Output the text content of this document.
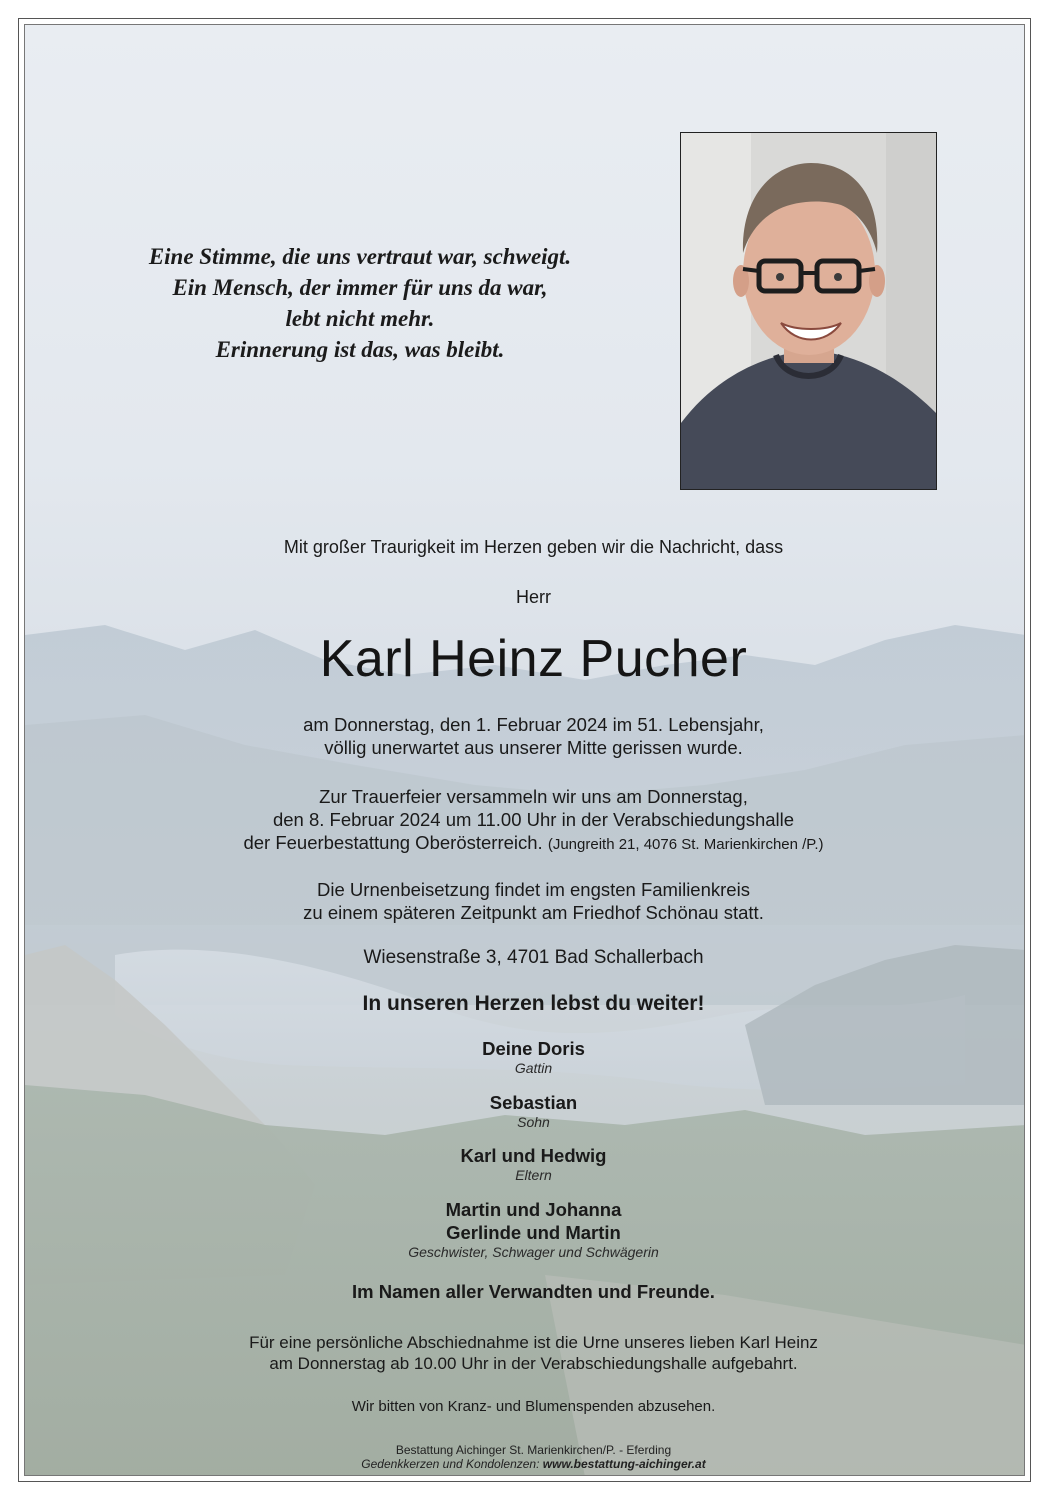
Eine Stimme, die uns vertraut war, schweigt.
Ein Mensch, der immer für uns da war,
lebt nicht mehr.
Erinnerung ist das, was bleibt.
Mit großer Traurigkeit im Herzen geben wir die Nachricht, dass
Herr
Karl Heinz Pucher
am Donnerstag, den 1. Februar 2024 im 51. Lebensjahr,
völlig unerwartet aus unserer Mitte gerissen wurde.
Zur Trauerfeier versammeln wir uns am Donnerstag,
den 8. Februar 2024 um 11.00 Uhr in der Verabschiedungshalle
der Feuerbestattung Oberösterreich. (Jungreith 21, 4076 St. Marienkirchen /P.)
Die Urnenbeisetzung findet im engsten Familienkreis
zu einem späteren Zeitpunkt am Friedhof Schönau statt.
Wiesenstraße 3, 4701 Bad Schallerbach
In unseren Herzen lebst du weiter!
Deine Doris
Gattin
Sebastian
Sohn
Karl und Hedwig
Eltern
Martin und Johanna
Gerlinde und Martin
Geschwister, Schwager und Schwägerin
Im Namen aller Verwandten und Freunde.
Für eine persönliche Abschiednahme ist die Urne unseres lieben Karl Heinz
am Donnerstag ab 10.00 Uhr in der Verabschiedungshalle aufgebahrt.
Wir bitten von Kranz- und Blumenspenden abzusehen.
Bestattung Aichinger St. Marienkirchen/P. - Eferding
Gedenkkerzen und Kondolenzen: www.bestattung-aichinger.at
